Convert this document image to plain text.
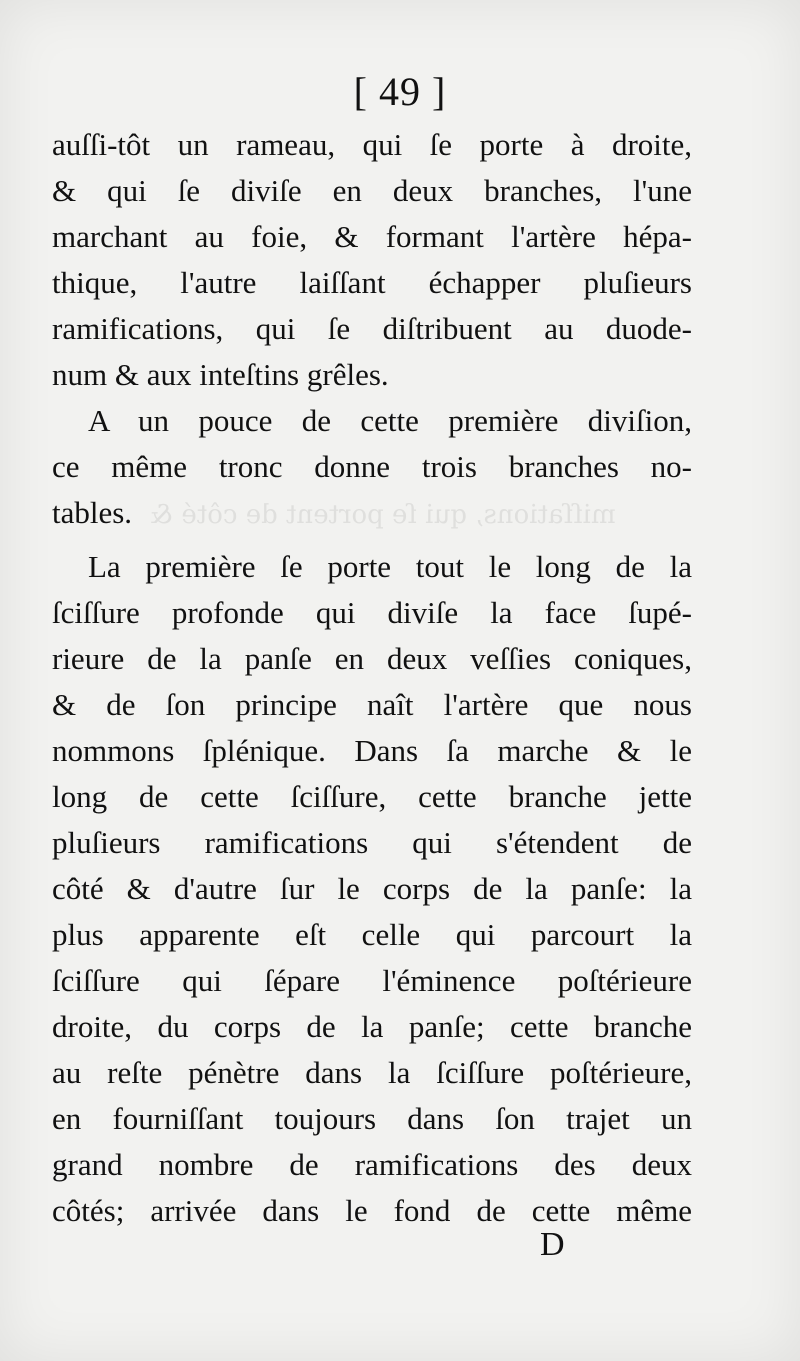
miſſations, qui ſe portent de côté &
[ 49 ]
auſſi-tôt un rameau, qui ſe porte à droite,
& qui ſe diviſe en deux branches, l'une
marchant au foie, & formant l'artère hépa-
thique, l'autre laiſſant échapper pluſieurs
ramifications, qui ſe diſtribuent au duode-
num & aux inteſtins grêles.
A un pouce de cette première diviſion,
ce même tronc donne trois branches no-
tables.
La première ſe porte tout le long de la
ſciſſure profonde qui diviſe la face ſupé-
rieure de la panſe en deux veſſies coniques,
& de ſon principe naît l'artère que nous
nommons ſplénique. Dans ſa marche & le
long de cette ſciſſure, cette branche jette
pluſieurs ramifications qui s'étendent de
côté & d'autre ſur le corps de la panſe: la
plus apparente eſt celle qui parcourt la
ſciſſure qui ſépare l'éminence poſtérieure
droite, du corps de la panſe; cette branche
au reſte pénètre dans la ſciſſure poſtérieure,
en fourniſſant toujours dans ſon trajet un
grand nombre de ramifications des deux
côtés; arrivée dans le fond de cette même
D
